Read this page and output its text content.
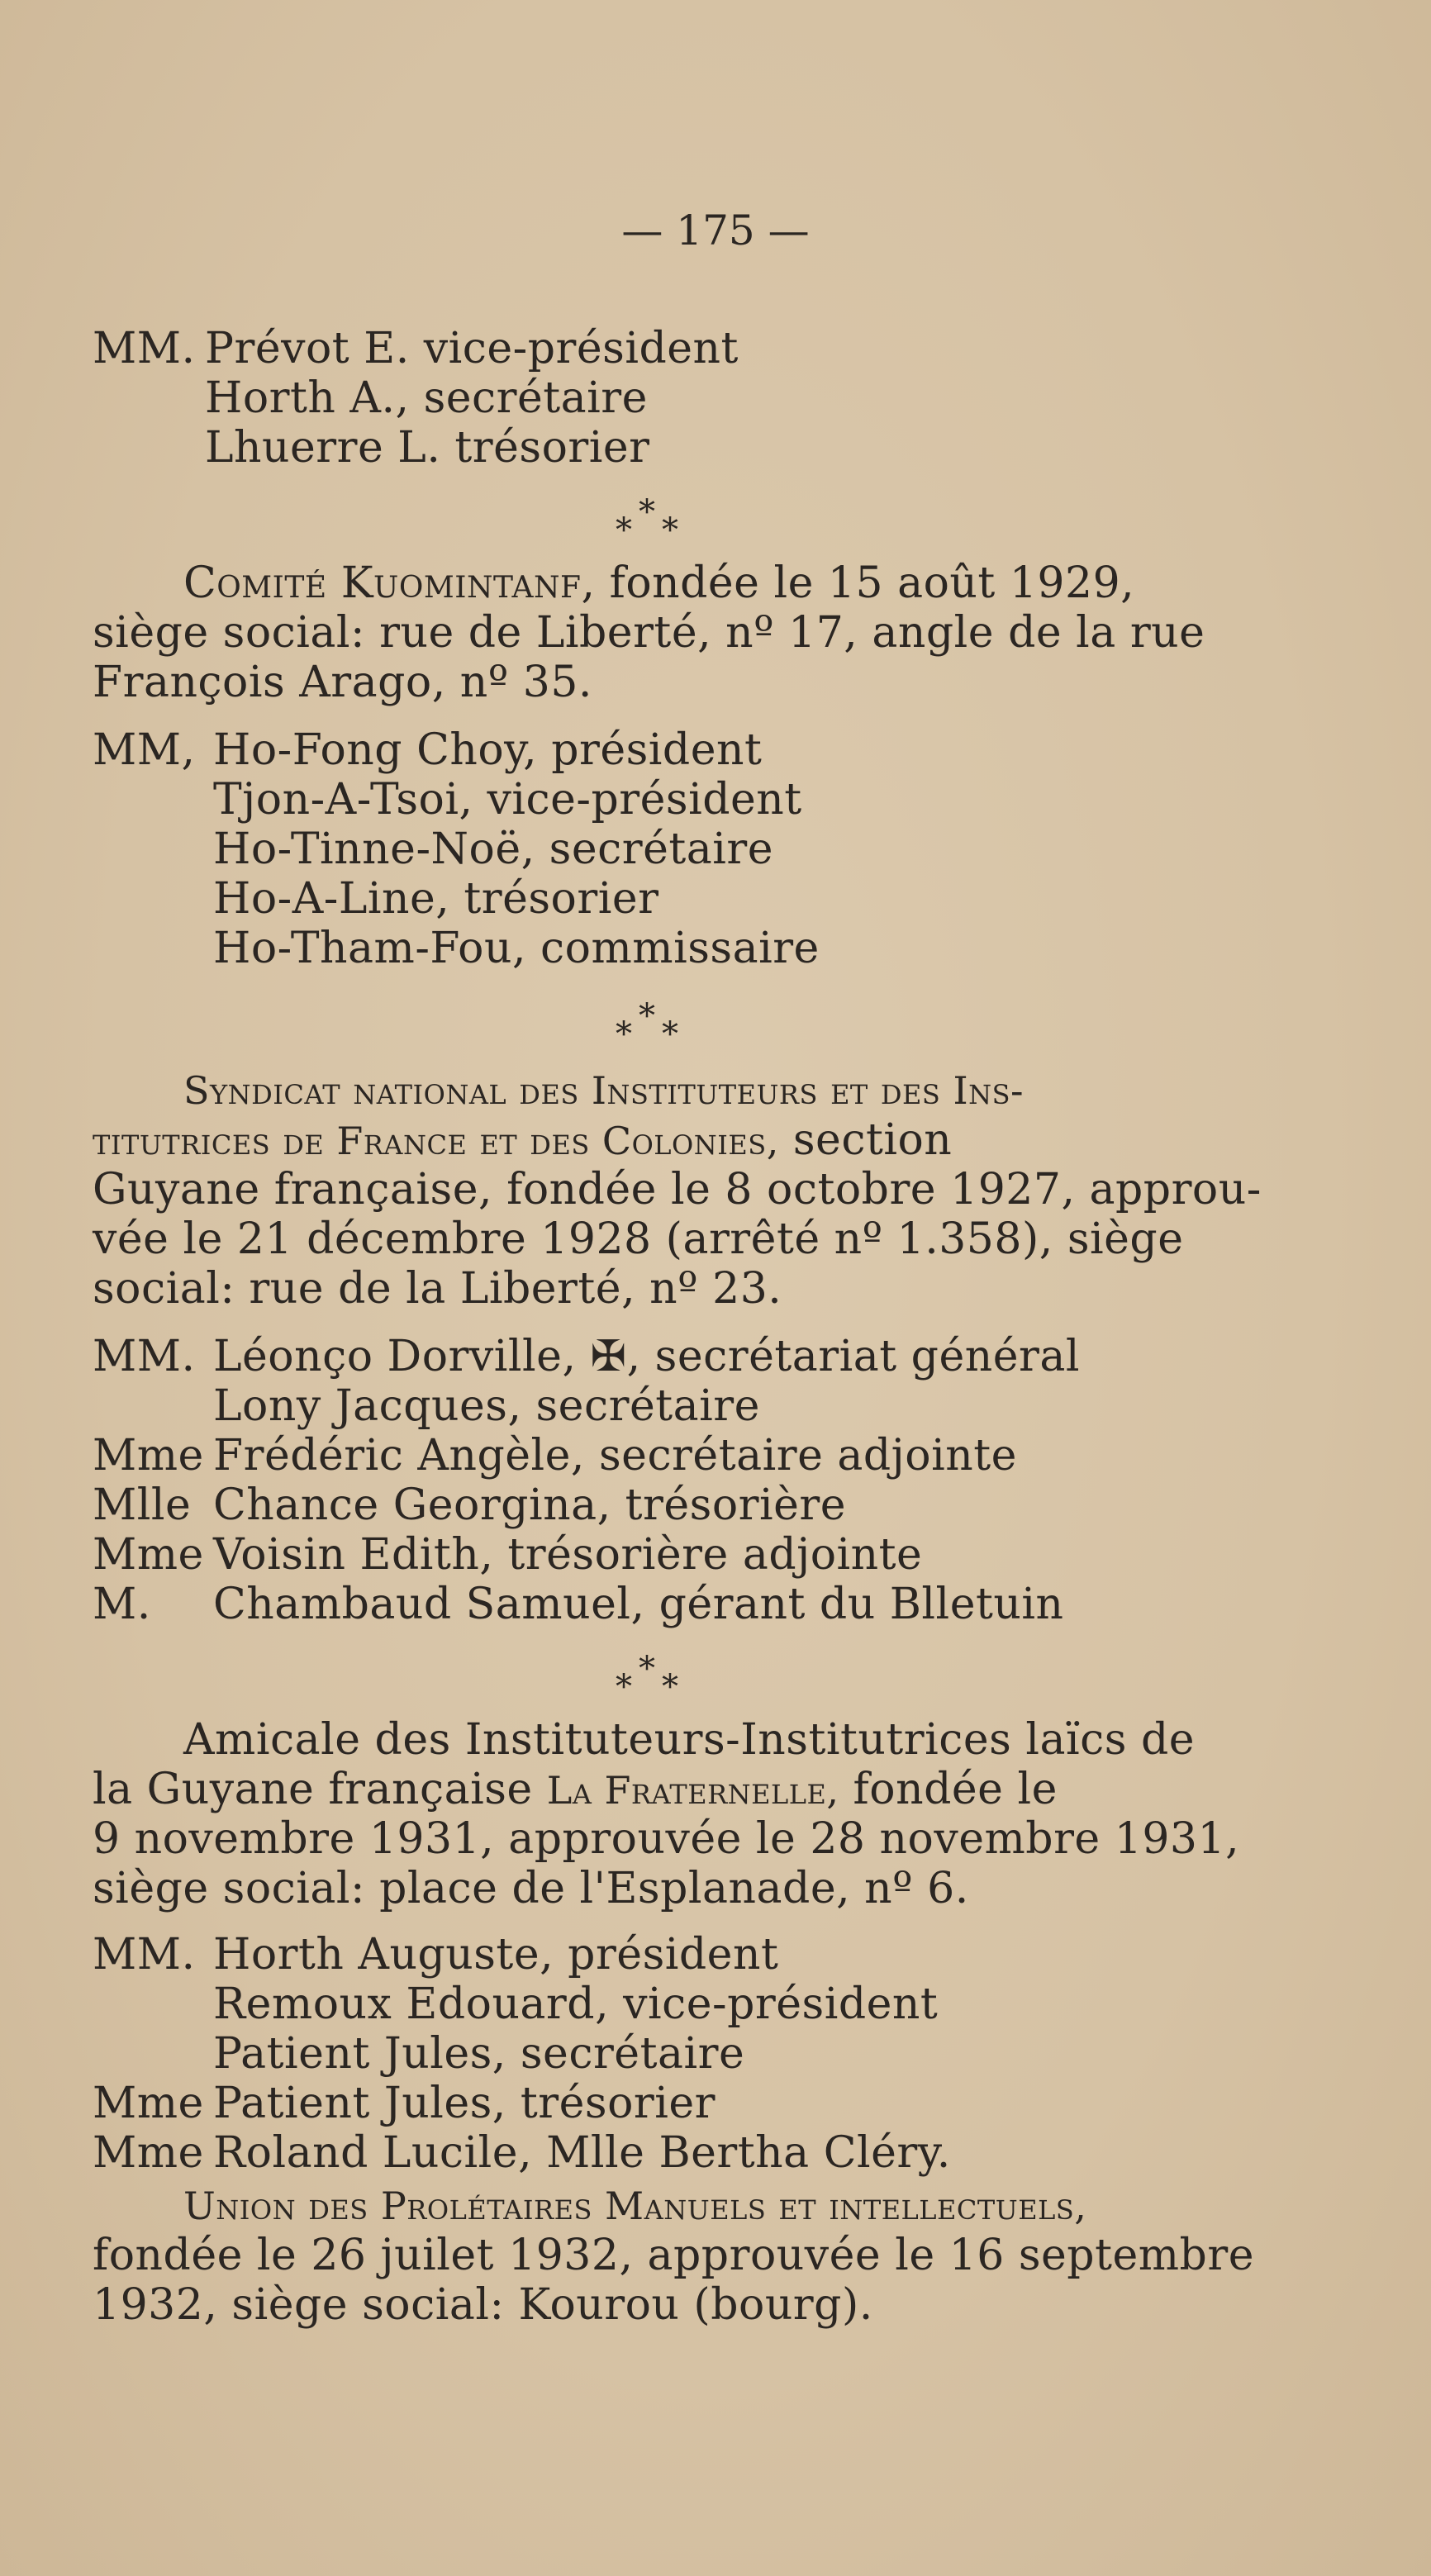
— 175 —
MM. Prévot E. vice-président
Horth A., secrétaire
Lhuerre L. trésorier
*
* *
Comité Kuomintanf, fondée le 15 août 1929,
siège social: rue de Liberté, nº 17, angle de la rue
François Arago, nº 35.
MM, Ho-Fong Choy, président
Tjon-A-Tsoi, vice-président
Ho-Tinne-Noë, secrétaire
Ho-A-Line, trésorier
Ho-Tham-Fou, commissaire
*
* *
Syndicat national des Instituteurs et des Ins-
titutrices de France et des Colonies, section
Guyane française, fondée le 8 octobre 1927, approu-
vée le 21 décembre 1928 (arrêté nº 1.358), siège
social: rue de la Liberté, nº 23.
MM. Léonço Dorville, ✠, secrétariat général
Lony Jacques, secrétaire
Mme Frédéric Angèle, secrétaire adjointe
Mlle Chance Georgina, trésorière
Mme Voisin Edith, trésorière adjointe
M. Chambaud Samuel, gérant du Blletuin
*
* *
Amicale des Instituteurs-Institutrices laïcs de
la Guyane française La Fraternelle, fondée le
9 novembre 1931, approuvée le 28 novembre 1931,
siège social: place de l'Esplanade, nº 6.
MM. Horth Auguste, président
Remoux Edouard, vice-président
Patient Jules, secrétaire
Mme Patient Jules, trésorier
Mme Roland Lucile, Mlle Bertha Cléry.
Union des Prolétaires Manuels et intellectuels,
fondée le 26 juilet 1932, approuvée le 16 septembre
1932, siège social: Kourou (bourg).
